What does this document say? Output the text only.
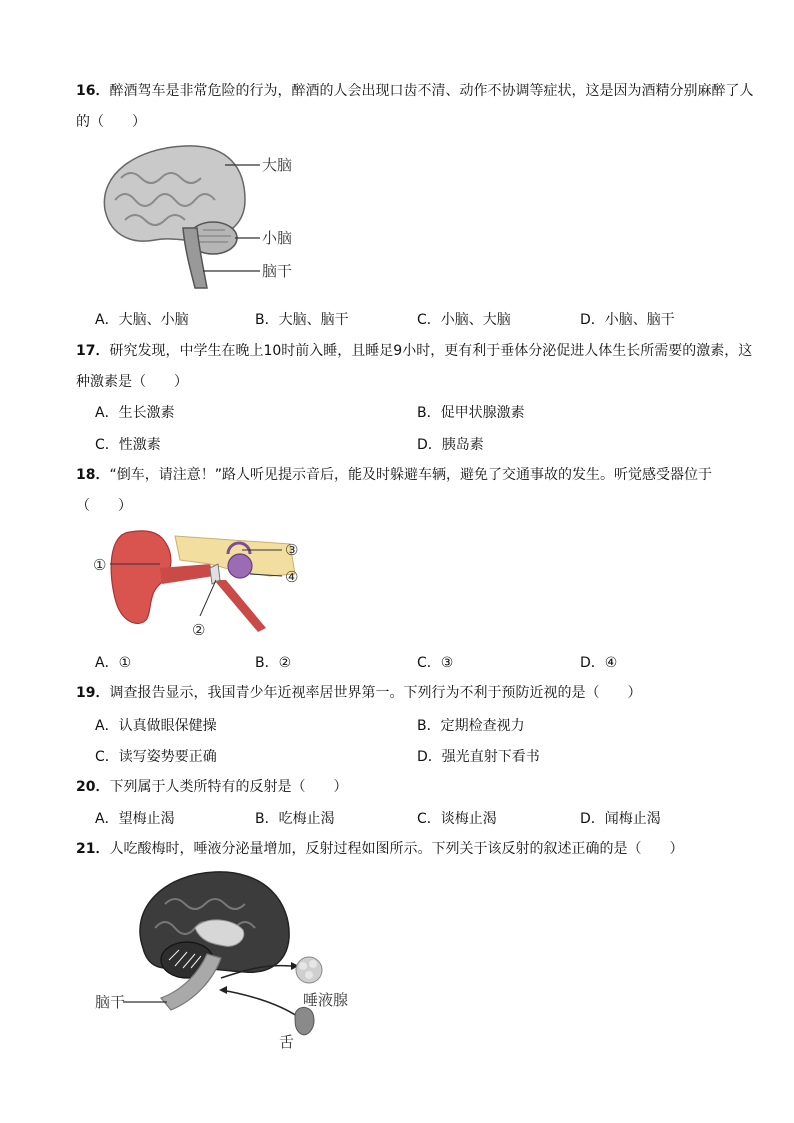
16．醉酒驾车是非常危险的行为，醉酒的人会出现口齿不清、动作不协调等症状，这是因为酒精分别麻醉了人的（　　）
大脑
小脑
脑干
A．大脑、小脑	B．大脑、脑干	C．小脑、大脑	D．小脑、脑干
17．研究发现，中学生在晚上10时前入睡，且睡足9小时，更有利于垂体分泌促进人体生长所需要的激素，这种激素是（　　）
A．生长激素	B．促甲状腺激素
C．性激素	D．胰岛素
18．“倒车，请注意！”路人听见提示音后，能及时躲避车辆，避免了交通事故的发生。听觉感受器位于（　　）
①
②
③
④
A．①	B．②	C．③	D．④
19．调查报告显示，我国青少年近视率居世界第一。下列行为不利于预防近视的是（　　）
A．认真做眼保健操	B．定期检查视力
C．读写姿势要正确	D．强光直射下看书
20．下列属于人类所特有的反射是（　　）
A．望梅止渴	B．吃梅止渴	C．谈梅止渴	D．闻梅止渴
21．人吃酸梅时，唾液分泌量增加，反射过程如图所示。下列关于该反射的叙述正确的是（　　）
脑干	唾液腺
舌
